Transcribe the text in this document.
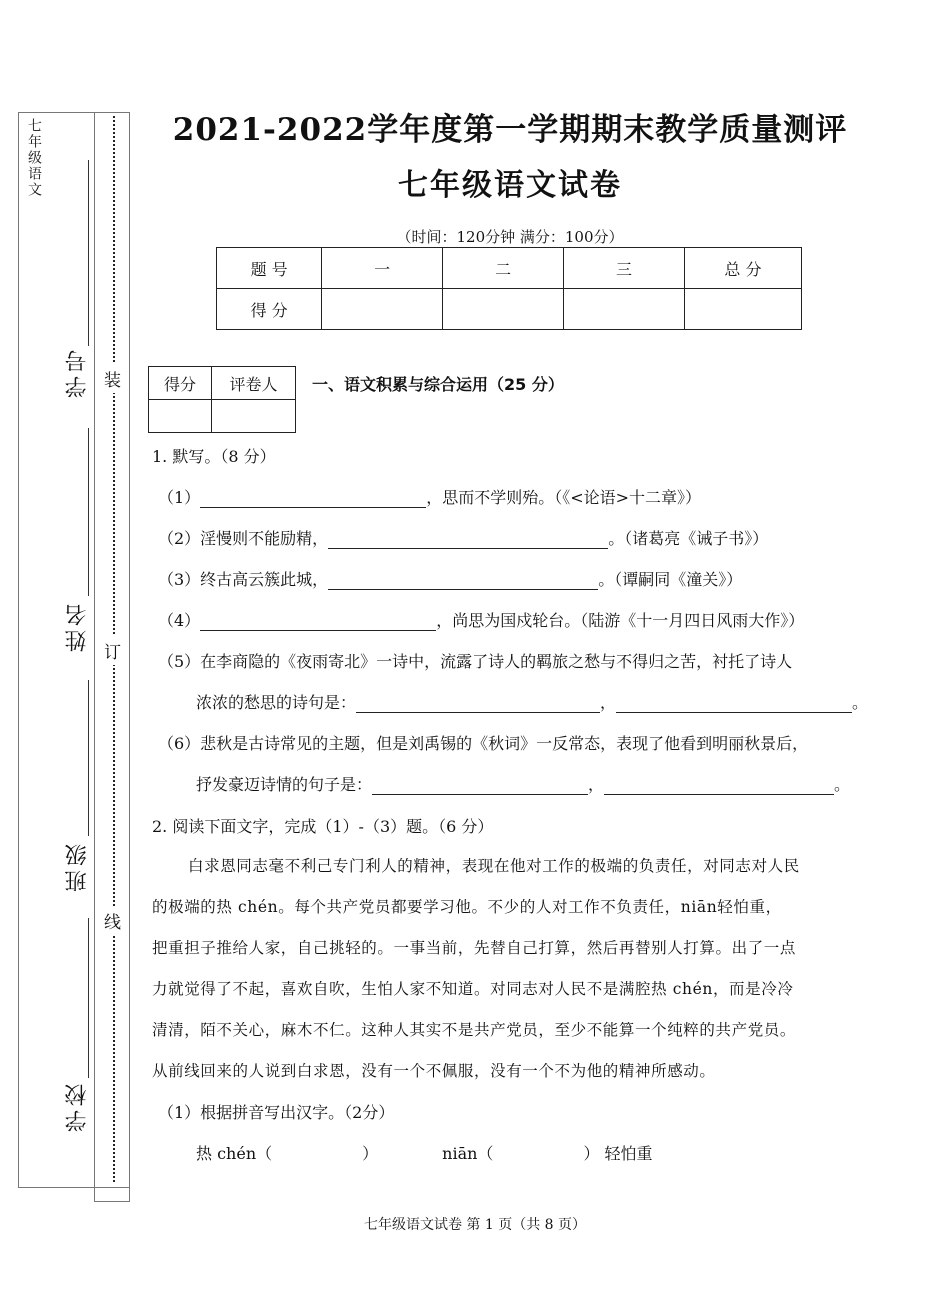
七年级语文
装
订
线
学号
姓名
班级
学校
2021-2022学年度第一学期期末教学质量测评
七年级语文试卷
（时间：120分钟 满分：100分）
题 号	一	二	三	总 分
得 分				
得分	评卷人
	一、语文积累与综合运用（25 分）
1. 默写。（8 分）
（1）	，思而不学则殆。（《<论语>十二章》）
（2）淫慢则不能励精，	。（诸葛亮《诫子书》）
（3）终古高云簇此城，	。（谭嗣同《潼关》）
（4）	，尚思为国戍轮台。（陆游《十一月四日风雨大作》）
（5）在李商隐的《夜雨寄北》一诗中，流露了诗人的羁旅之愁与不得归之苦，衬托了诗人
浓浓的愁思的诗句是：	，	。
（6）悲秋是古诗常见的主题，但是刘禹锡的《秋词》一反常态，表现了他看到明丽秋景后，
抒发豪迈诗情的句子是：	，	。
2. 阅读下面文字，完成（1）-（3）题。（6 分）
白求恩同志毫不利己专门利人的精神，表现在他对工作的极端的负责任，对同志对人民
的极端的热 chén。每个共产党员都要学习他。不少的人对工作不负责任，niān轻怕重，
把重担子推给人家，自己挑轻的。一事当前，先替自己打算，然后再替别人打算。出了一点
力就觉得了不起，喜欢自吹，生怕人家不知道。对同志对人民不是满腔热 chén，而是冷冷
清清，陌不关心，麻木不仁。这种人其实不是共产党员，至少不能算一个纯粹的共产党员。
从前线回来的人说到白求恩，没有一个不佩服，没有一个不为他的精神所感动。
（1）根据拼音写出汉字。（2分）
热 chén（	）	niān（	） 轻怕重
七年级语文试卷 第 1 页（共 8 页）
